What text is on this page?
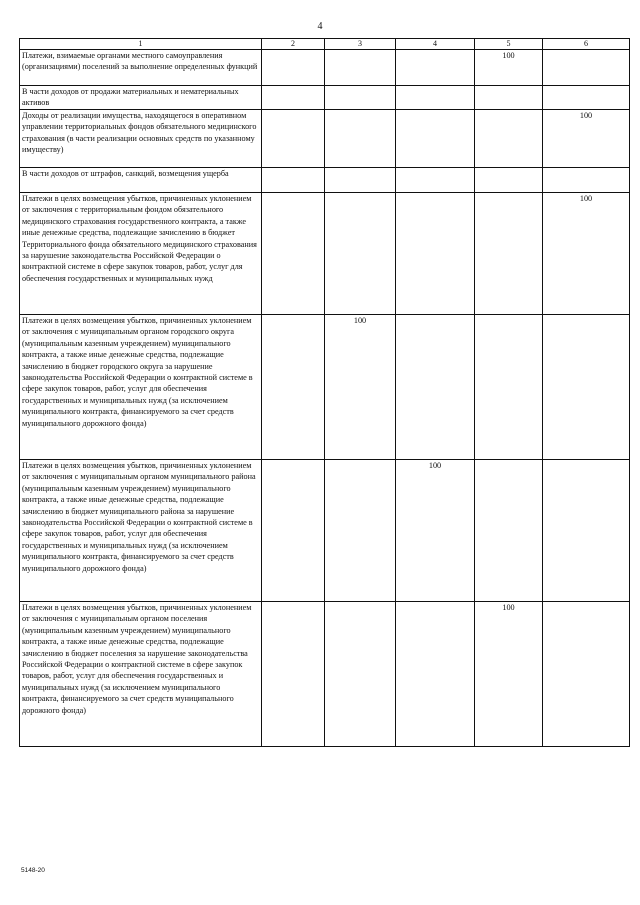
4
1	2	3	4	5	6
Платежи, взимаемые органами местного самоуправления (организациями) поселений за выполнение определенных функций				100	
В части доходов от продажи материальных и нематериальных активов					
Доходы от реализации имущества, находящегося в оперативном управлении территориальных фондов обязательного медицинского страхования (в части реализации основных средств по указанному имуществу)					100
В части доходов от штрафов, санкций, возмещения ущерба					
Платежи в целях возмещения убытков, причиненных уклонением от заключения с территориальным фондом обязательного медицинского страхования государственного контракта, а также иные денежные средства, подлежащие зачислению в бюджет Территориального фонда обязательного медицинского страхования за нарушение законодательства Российской Федерации о контрактной системе в сфере закупок товаров, работ, услуг для обеспечения государственных и муниципальных нужд					100
Платежи в целях возмещения убытков, причиненных уклонением от заключения с муниципальным органом городского округа (муниципальным казенным учреждением) муниципального контракта, а также иные денежные средства, подлежащие зачислению в бюджет городского округа за нарушение законодательства Российской Федерации о контрактной системе в сфере закупок товаров, работ, услуг для обеспечения государственных и муниципальных нужд (за исключением муниципального контракта, финансируемого за счет средств муниципального дорожного фонда)		100			
Платежи в целях возмещения убытков, причиненных уклонением от заключения с муниципальным органом муниципального района (муниципальным казенным учреждением) муниципального контракта, а также иные денежные средства, подлежащие зачислению в бюджет муниципального района за нарушение законодательства Российской Федерации о контрактной системе в сфере закупок товаров, работ, услуг для обеспечения государственных и муниципальных нужд (за исключением муниципального контракта, финансируемого за счет средств муниципального дорожного фонда)			100		
Платежи в целях возмещения убытков, причиненных уклонением от заключения с муниципальным органом поселения (муниципальным казенным учреждением) муниципального контракта, а также иные денежные средства, подлежащие зачислению в бюджет поселения за нарушение законодательства Российской Федерации о контрактной системе в сфере закупок товаров, работ, услуг для обеспечения государственных и муниципальных нужд (за исключением муниципального контракта, финансируемого за счет средств муниципального дорожного фонда)				100	
5148-20
